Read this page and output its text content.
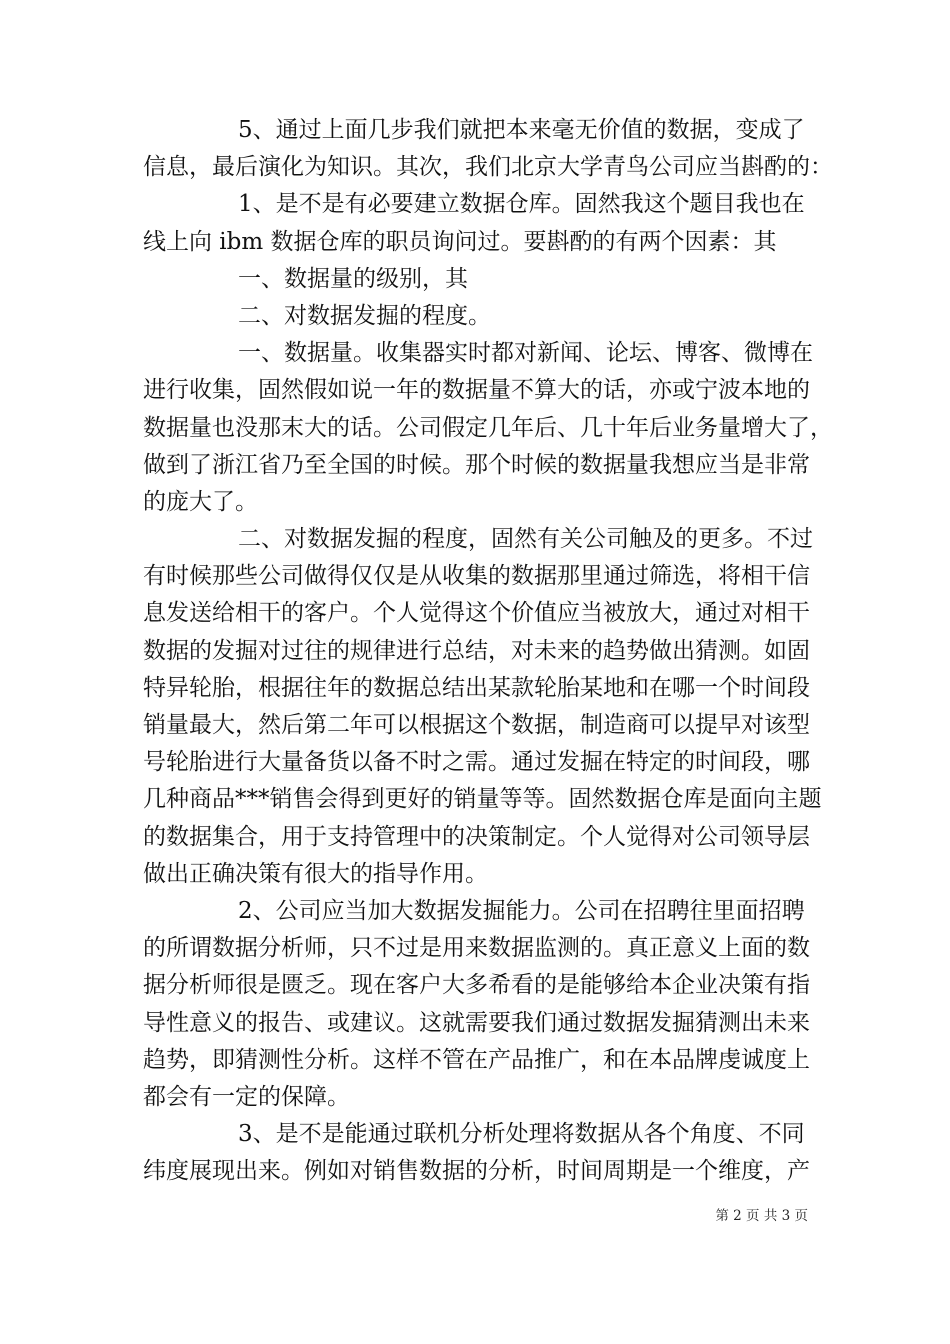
5、通过上面几步我们就把本来毫无价值的数据，变成了
信息，最后演化为知识。其次，我们北京大学青鸟公司应当斟酌的：
1、是不是有必要建立数据仓库。固然我这个题目我也在
线上向 ibm 数据仓库的职员询问过。要斟酌的有两个因素：其
一、数据量的级别，其
二、对数据发掘的程度。
一、数据量。收集器实时都对新闻、论坛、博客、微博在
进行收集，固然假如说一年的数据量不算大的话，亦或宁波本地的
数据量也没那末大的话。公司假定几年后、几十年后业务量增大了，
做到了浙江省乃至全国的时候。那个时候的数据量我想应当是非常
的庞大了。
二、对数据发掘的程度，固然有关公司触及的更多。不过
有时候那些公司做得仅仅是从收集的数据那里通过筛选，将相干信
息发送给相干的客户。个人觉得这个价值应当被放大，通过对相干
数据的发掘对过往的规律进行总结，对未来的趋势做出猜测。如固
特异轮胎，根据往年的数据总结出某款轮胎某地和在哪一个时间段
销量最大，然后第二年可以根据这个数据，制造商可以提早对该型
号轮胎进行大量备货以备不时之需。通过发掘在特定的时间段，哪
几种商品***销售会得到更好的销量等等。固然数据仓库是面向主题
的数据集合，用于支持管理中的决策制定。个人觉得对公司领导层
做出正确决策有很大的指导作用。
2、公司应当加大数据发掘能力。公司在招聘往里面招聘
的所谓数据分析师，只不过是用来数据监测的。真正意义上面的数
据分析师很是匮乏。现在客户大多希看的是能够给本企业决策有指
导性意义的报告、或建议。这就需要我们通过数据发掘猜测出未来
趋势，即猜测性分析。这样不管在产品推广，和在本品牌虔诚度上
都会有一定的保障。
3、是不是能通过联机分析处理将数据从各个角度、不同
纬度展现出来。例如对销售数据的分析，时间周期是一个维度，产
第 2 页 共 3 页
